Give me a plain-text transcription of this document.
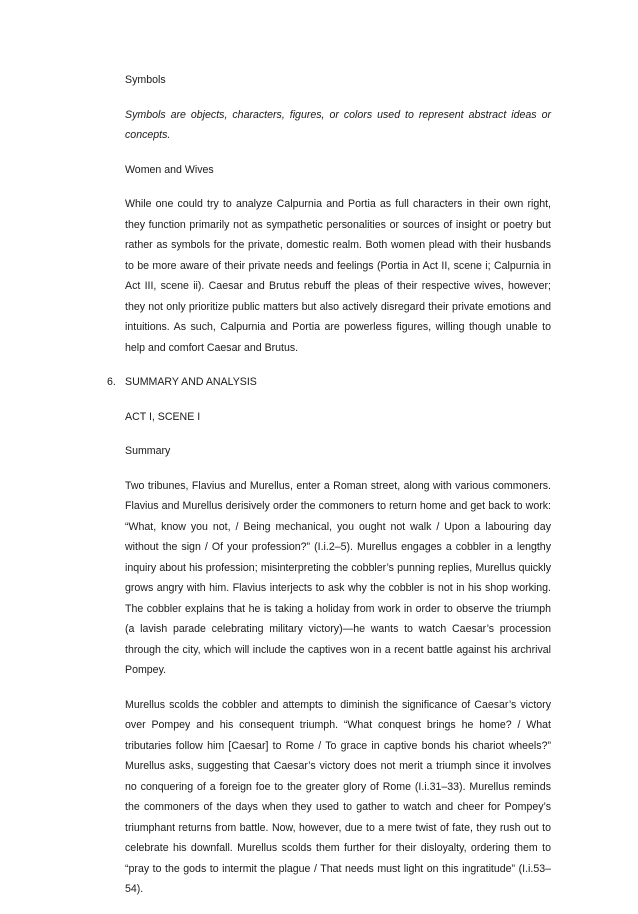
Symbols

Symbols are objects, characters, figures, or colors used to represent abstract ideas or concepts.

Women and Wives

While one could try to analyze Calpurnia and Portia as full characters in their own right, they function primarily not as sympathetic personalities or sources of insight or poetry but rather as symbols for the private, domestic realm. Both women plead with their husbands to be more aware of their private needs and feelings (Portia in Act II, scene i; Calpurnia in Act III, scene ii). Caesar and Brutus rebuff the pleas of their respective wives, however; they not only prioritize public matters but also actively disregard their private emotions and intuitions. As such, Calpurnia and Portia are powerless figures, willing though unable to help and comfort Caesar and Brutus.

6. SUMMARY AND ANALYSIS

ACT I, SCENE I

Summary

Two tribunes, Flavius and Murellus, enter a Roman street, along with various commoners. Flavius and Murellus derisively order the commoners to return home and get back to work: “What, know you not, / Being mechanical, you ought not walk / Upon a labouring day without the sign / Of your profession?” (I.i.2–5). Murellus engages a cobbler in a lengthy inquiry about his profession; misinterpreting the cobbler’s punning replies, Murellus quickly grows angry with him. Flavius interjects to ask why the cobbler is not in his shop working. The cobbler explains that he is taking a holiday from work in order to observe the triumph (a lavish parade celebrating military victory)—he wants to watch Caesar’s procession through the city, which will include the captives won in a recent battle against his archrival Pompey.

Murellus scolds the cobbler and attempts to diminish the significance of Caesar’s victory over Pompey and his consequent triumph. “What conquest brings he home? / What tributaries follow him [Caesar] to Rome / To grace in captive bonds his chariot wheels?” Murellus asks, suggesting that Caesar’s victory does not merit a triumph since it involves no conquering of a foreign foe to the greater glory of Rome (I.i.31–33). Murellus reminds the commoners of the days when they used to gather to watch and cheer for Pompey’s triumphant returns from battle. Now, however, due to a mere twist of fate, they rush out to celebrate his downfall. Murellus scolds them further for their disloyalty, ordering them to “pray to the gods to intermit the plague / That needs must light on this ingratitude” (I.i.53–54).
